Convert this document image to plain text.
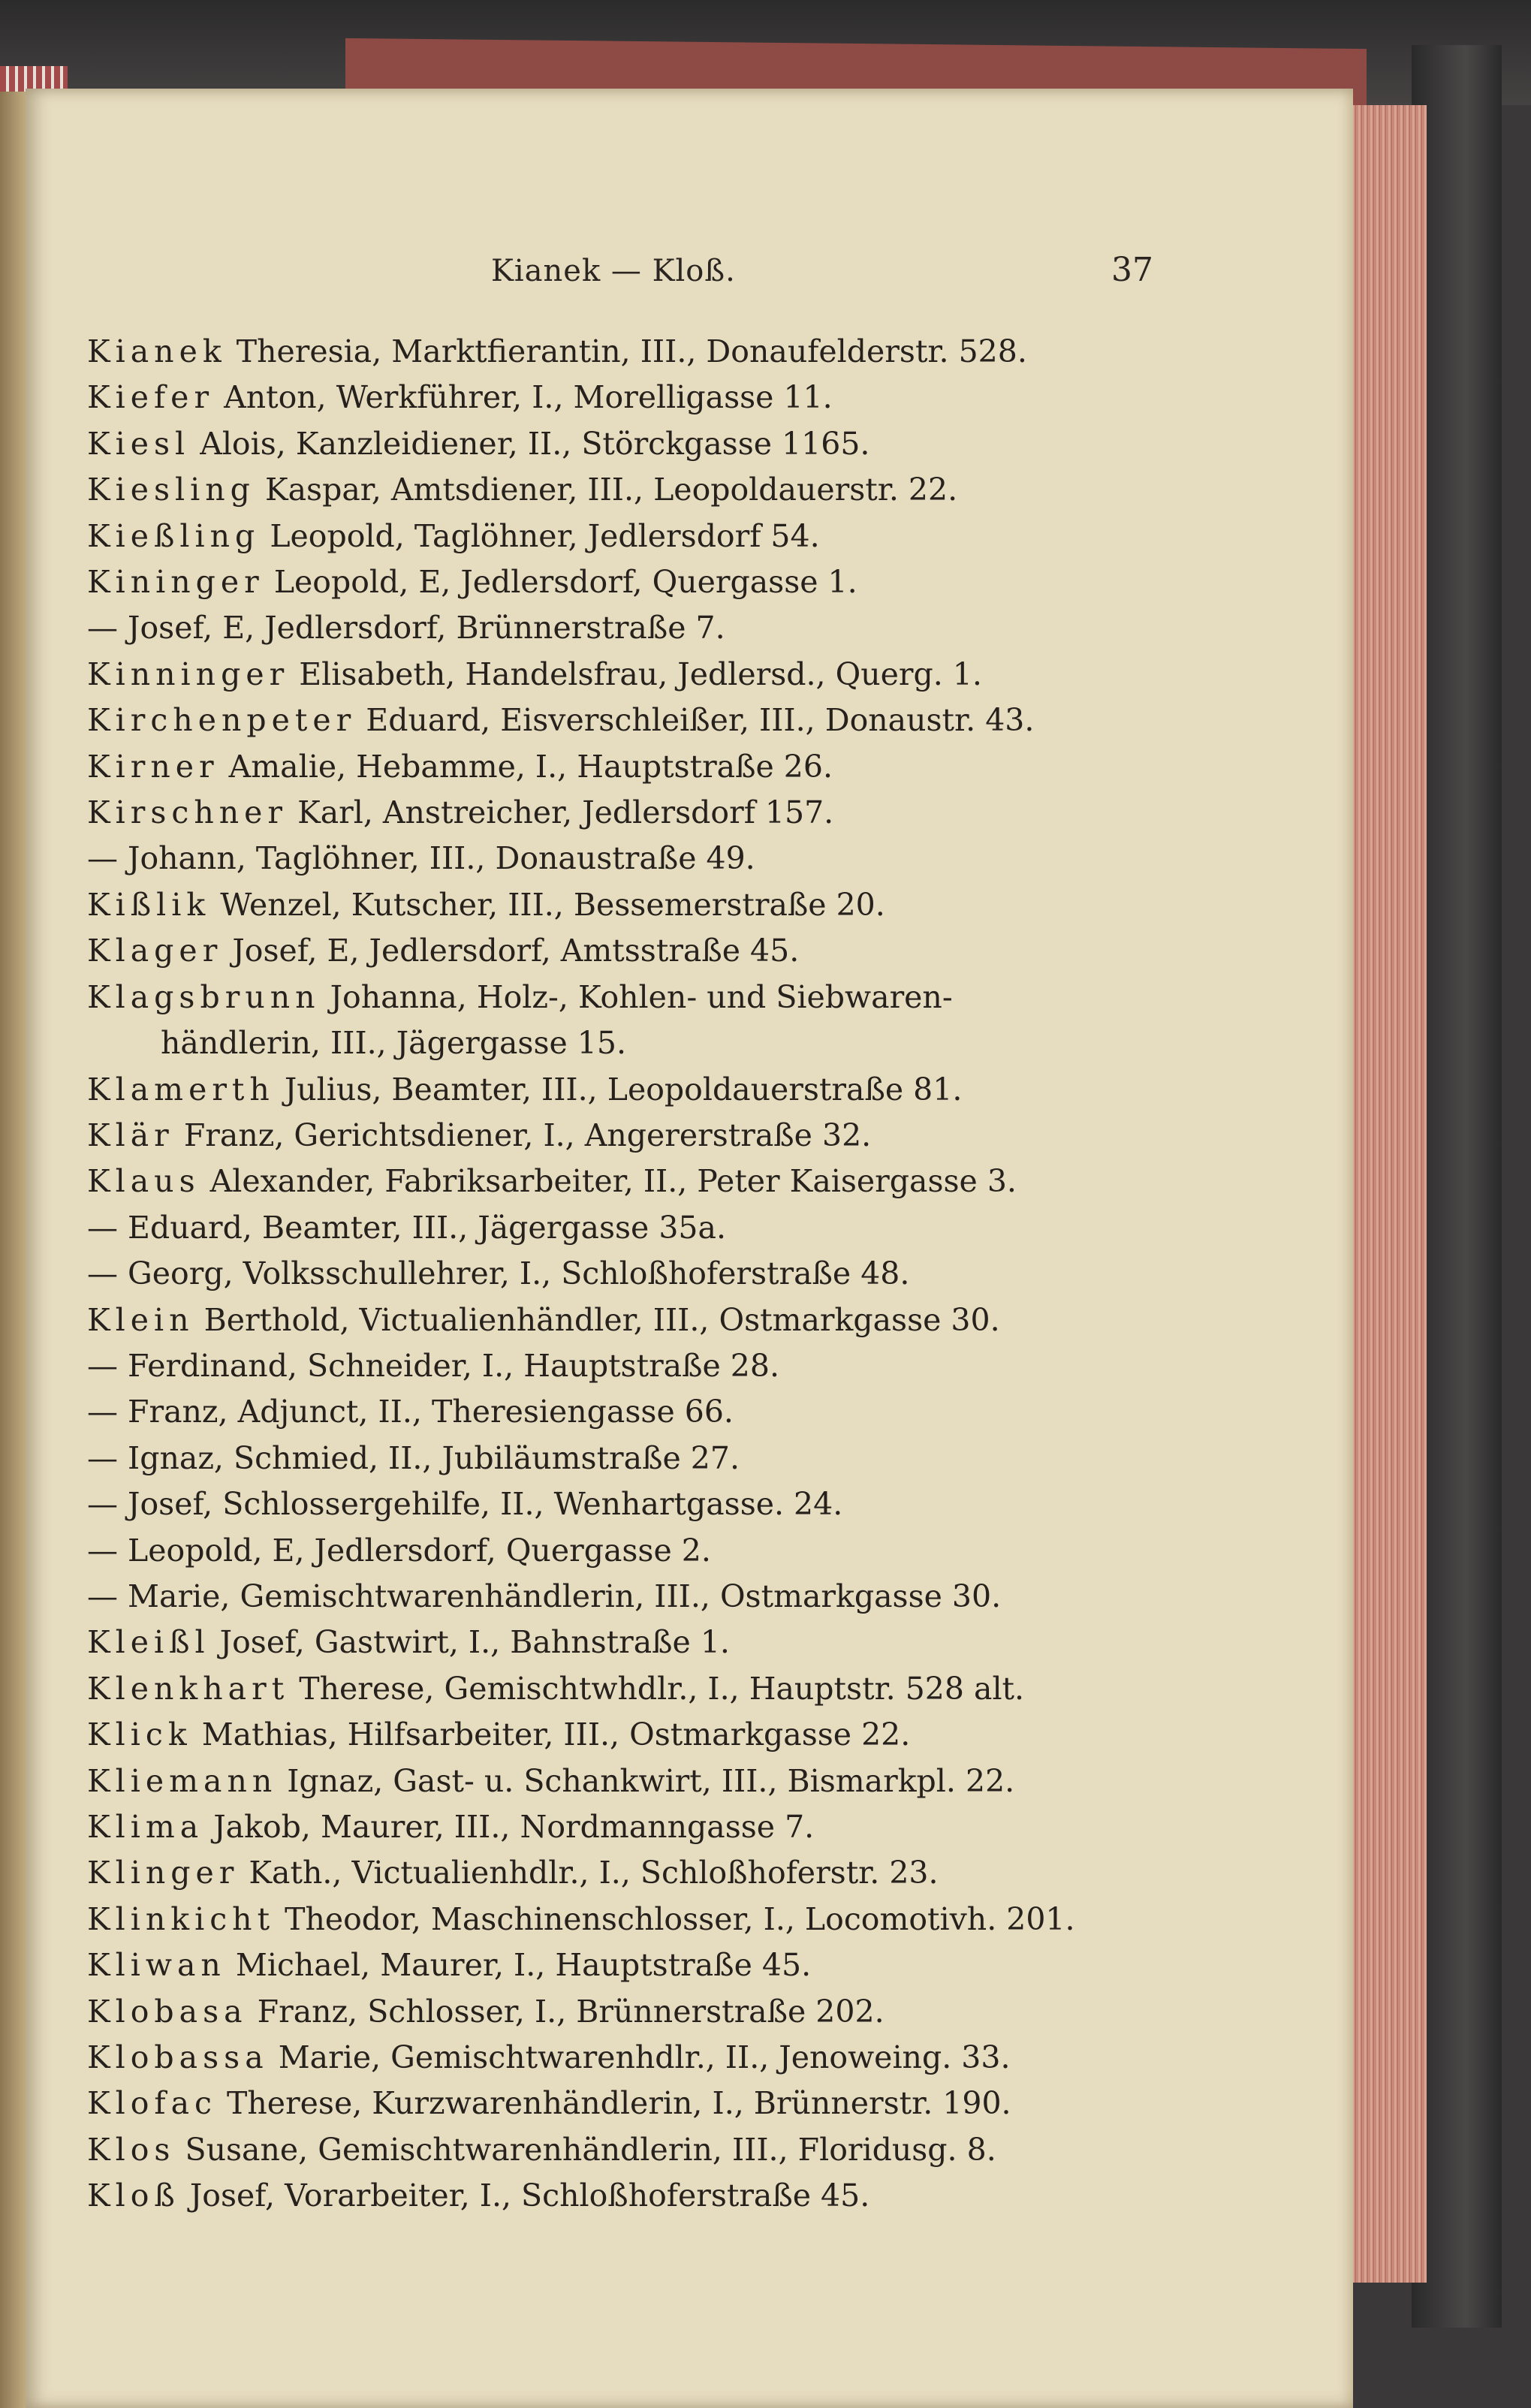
Kianek — Kloß.	37

Kianek Theresia, Marktfierantin, III., Donaufelderstr. 528.

Kiefer Anton, Werkführer, I., Morelligasse 11.

Kiesl Alois, Kanzleidiener, II., Störckgasse 1165.

Kiesling Kaspar, Amtsdiener, III., Leopoldauerstr. 22.

Kießling Leopold, Taglöhner, Jedlersdorf 54.

Kininger Leopold, E, Jedlersdorf, Quergasse 1.

— Josef, E, Jedlersdorf, Brünnerstraße 7.

Kinninger Elisabeth, Handelsfrau, Jedlersd., Querg. 1.

Kirchenpeter Eduard, Eisverschleißer, III., Donaustr. 43.

Kirner Amalie, Hebamme, I., Hauptstraße 26.

Kirschner Karl, Anstreicher, Jedlersdorf 157.

— Johann, Taglöhner, III., Donaustraße 49.

Kißlik Wenzel, Kutscher, III., Bessemerstraße 20.

Klager Josef, E, Jedlersdorf, Amtsstraße 45.

Klagsbrunn Johanna, Holz-, Kohlen- und Siebwaren-

händlerin, III., Jägergasse 15.

Klamerth Julius, Beamter, III., Leopoldauerstraße 81.

Klär Franz, Gerichtsdiener, I., Angererstraße 32.

Klaus Alexander, Fabriksarbeiter, II., Peter Kaisergasse 3.

— Eduard, Beamter, III., Jägergasse 35a.

— Georg, Volksschullehrer, I., Schloßhoferstraße 48.

Klein Berthold, Victualienhändler, III., Ostmarkgasse 30.

— Ferdinand, Schneider, I., Hauptstraße 28.

— Franz, Adjunct, II., Theresiengasse 66.

— Ignaz, Schmied, II., Jubiläumstraße 27.

— Josef, Schlossergehilfe, II., Wenhartgasse. 24.

— Leopold, E, Jedlersdorf, Quergasse 2.

— Marie, Gemischtwarenhändlerin, III., Ostmarkgasse 30.

Kleißl Josef, Gastwirt, I., Bahnstraße 1.

Klenkhart Therese, Gemischtwhdlr., I., Hauptstr. 528 alt.

Klick Mathias, Hilfsarbeiter, III., Ostmarkgasse 22.

Kliemann Ignaz, Gast- u. Schankwirt, III., Bismarkpl. 22.

Klima Jakob, Maurer, III., Nordmanngasse 7.

Klinger Kath., Victualienhdlr., I., Schloßhoferstr. 23.

Klinkicht Theodor, Maschinenschlosser, I., Locomotivh. 201.

Kliwan Michael, Maurer, I., Hauptstraße 45.

Klobasa Franz, Schlosser, I., Brünnerstraße 202.

Klobassa Marie, Gemischtwarenhdlr., II., Jenoweing. 33.

Klofac Therese, Kurzwarenhändlerin, I., Brünnerstr. 190.

Klos Susane, Gemischtwarenhändlerin, III., Floridusg. 8.

Kloß Josef, Vorarbeiter, I., Schloßhoferstraße 45.
